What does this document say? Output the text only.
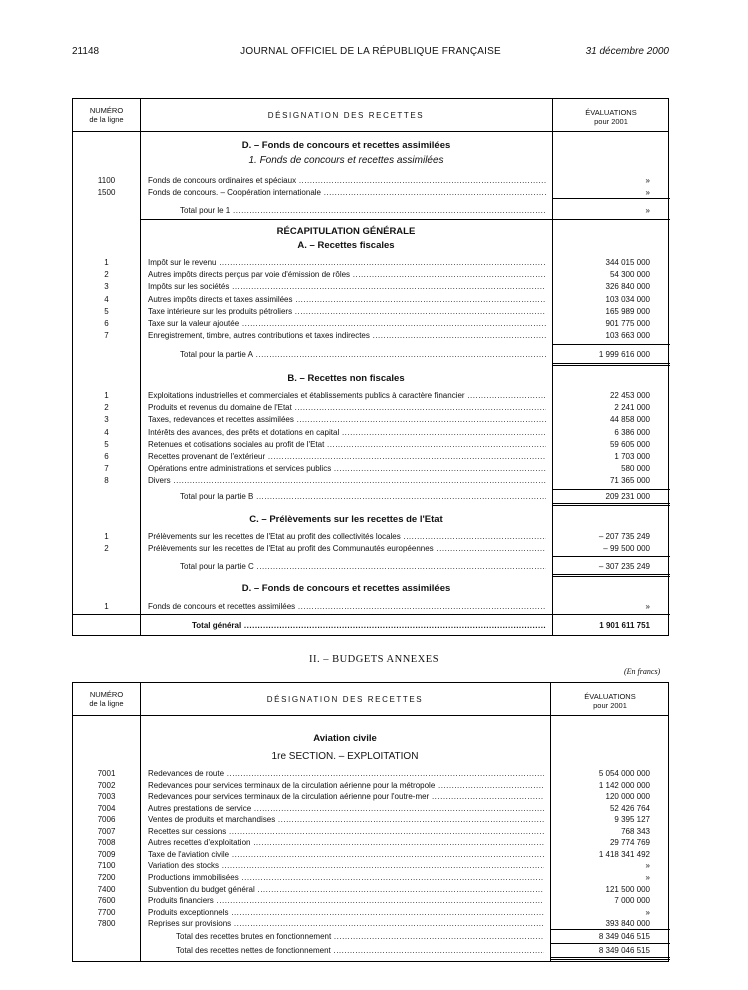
21148	JOURNAL OFFICIEL DE LA RÉPUBLIQUE FRANÇAISE	31 décembre 2000
NUMÉRO
de la ligne	DÉSIGNATION DES RECETTES	ÉVALUATIONS
pour 2001
D. – Fonds de concours et recettes assimilées
1. Fonds de concours et recettes assimilées
1100	Fonds de concours ordinaires et spéciaux .....	»
1500	Fonds de concours. – Coopération internationale .....	»
Total pour le 1 .....	»
RÉCAPITULATION GÉNÉRALE
A. – Recettes fiscales
1	Impôt sur le revenu .....	344 015 000
2	Autres impôts directs perçus par voie d'émission de rôles .....	54 300 000
3	Impôts sur les sociétés .....	326 840 000
4	Autres impôts directs et taxes assimilées .....	103 034 000
5	Taxe intérieure sur les produits pétroliers .....	165 989 000
6	Taxe sur la valeur ajoutée .....	901 775 000
7	Enregistrement, timbre, autres contributions et taxes indirectes .....	103 663 000
Total pour la partie A .....	1 999 616 000
B. – Recettes non fiscales
1	Exploitations industrielles et commerciales et établissements publics à caractère financier .....	22 453 000
2	Produits et revenus du domaine de l'Etat .....	2 241 000
3	Taxes, redevances et recettes assimilées .....	44 858 000
4	Intérêts des avances, des prêts et dotations en capital .....	6 386 000
5	Retenues et cotisations sociales au profit de l'Etat .....	59 605 000
6	Recettes provenant de l'extérieur .....	1 703 000
7	Opérations entre administrations et services publics .....	580 000
8	Divers .....	71 365 000
Total pour la partie B .....	209 231 000
C. – Prélèvements sur les recettes de l'Etat
1	Prélèvements sur les recettes de l'Etat au profit des collectivités locales .....	– 207 735 249
2	Prélèvements sur les recettes de l'Etat au profit des Communautés européennes .....	– 99 500 000
Total pour la partie C .....	– 307 235 249
D. – Fonds de concours et recettes assimilées
1	Fonds de concours et recettes assimilées .....	»
Total général .....	1 901 611 751
II. – BUDGETS ANNEXES
(En francs)
NUMÉRO
de la ligne	DÉSIGNATION DES RECETTES	ÉVALUATIONS
pour 2001
Aviation civile
1re SECTION. – EXPLOITATION
7001	Redevances de route .....	5 054 000 000
7002	Redevances pour services terminaux de la circulation aérienne pour la métropole .....	1 142 000 000
7003	Redevances pour services terminaux de la circulation aérienne pour l'outre-mer .....	120 000 000
7004	Autres prestations de service .....	52 426 764
7006	Ventes de produits et marchandises .....	9 395 127
7007	Recettes sur cessions .....	768 343
7008	Autres recettes d'exploitation .....	29 774 769
7009	Taxe de l'aviation civile .....	1 418 341 492
7100	Variation des stocks .....	»
7200	Productions immobilisées .....	»
7400	Subvention du budget général .....	121 500 000
7600	Produits financiers .....	7 000 000
7700	Produits exceptionnels .....	»
7800	Reprises sur provisions .....	393 840 000
Total des recettes brutes en fonctionnement .....	8 349 046 515
Total des recettes nettes de fonctionnement .....	8 349 046 515
